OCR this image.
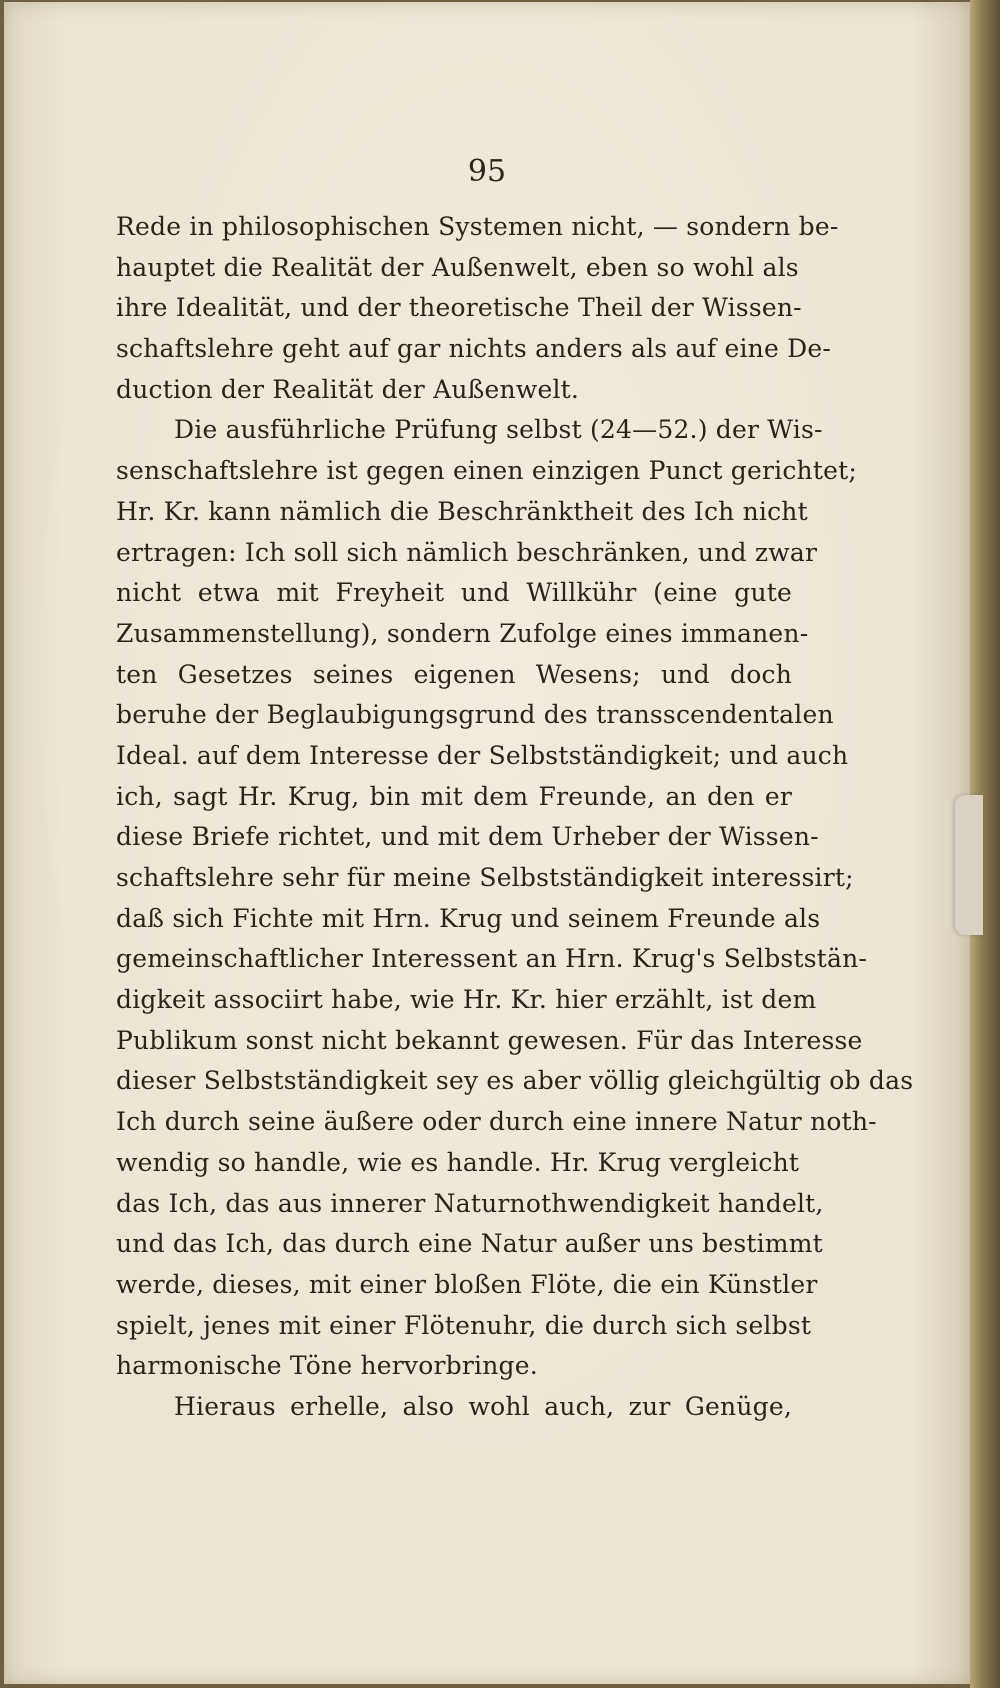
95
Rede in philosophischen Systemen nicht, — sondern be-
hauptet die Realität der Außenwelt, eben so wohl als
ihre Idealität, und der theoretische Theil der Wissen-
schaftslehre geht auf gar nichts anders als auf eine De-
duction der Realität der Außenwelt.
Die ausführliche Prüfung selbst (24—52.) der Wis-
senschaftslehre ist gegen einen einzigen Punct gerichtet;
Hr. Kr. kann nämlich die Beschränktheit des Ich nicht
ertragen: Ich soll sich nämlich beschränken, und zwar
nicht etwa mit Freyheit und Willkühr (eine gute
Zusammenstellung), sondern Zufolge eines immanen-
ten Gesetzes seines eigenen Wesens; und doch
beruhe der Beglaubigungsgrund des transscendentalen
Ideal. auf dem Interesse der Selbstständigkeit; und auch
ich, sagt Hr. Krug, bin mit dem Freunde, an den er
diese Briefe richtet, und mit dem Urheber der Wissen-
schaftslehre sehr für meine Selbstständigkeit interessirt;
daß sich Fichte mit Hrn. Krug und seinem Freunde als
gemeinschaftlicher Interessent an Hrn. Krug's Selbststän-
digkeit associirt habe, wie Hr. Kr. hier erzählt, ist dem
Publikum sonst nicht bekannt gewesen. Für das Interesse
dieser Selbstständigkeit sey es aber völlig gleichgültig ob das
Ich durch seine äußere oder durch eine innere Natur noth-
wendig so handle, wie es handle. Hr. Krug vergleicht
das Ich, das aus innerer Naturnothwendigkeit handelt,
und das Ich, das durch eine Natur außer uns bestimmt
werde, dieses, mit einer bloßen Flöte, die ein Künstler
spielt, jenes mit einer Flötenuhr, die durch sich selbst
harmonische Töne hervorbringe.
Hieraus erhelle, also wohl auch, zur Genüge,
